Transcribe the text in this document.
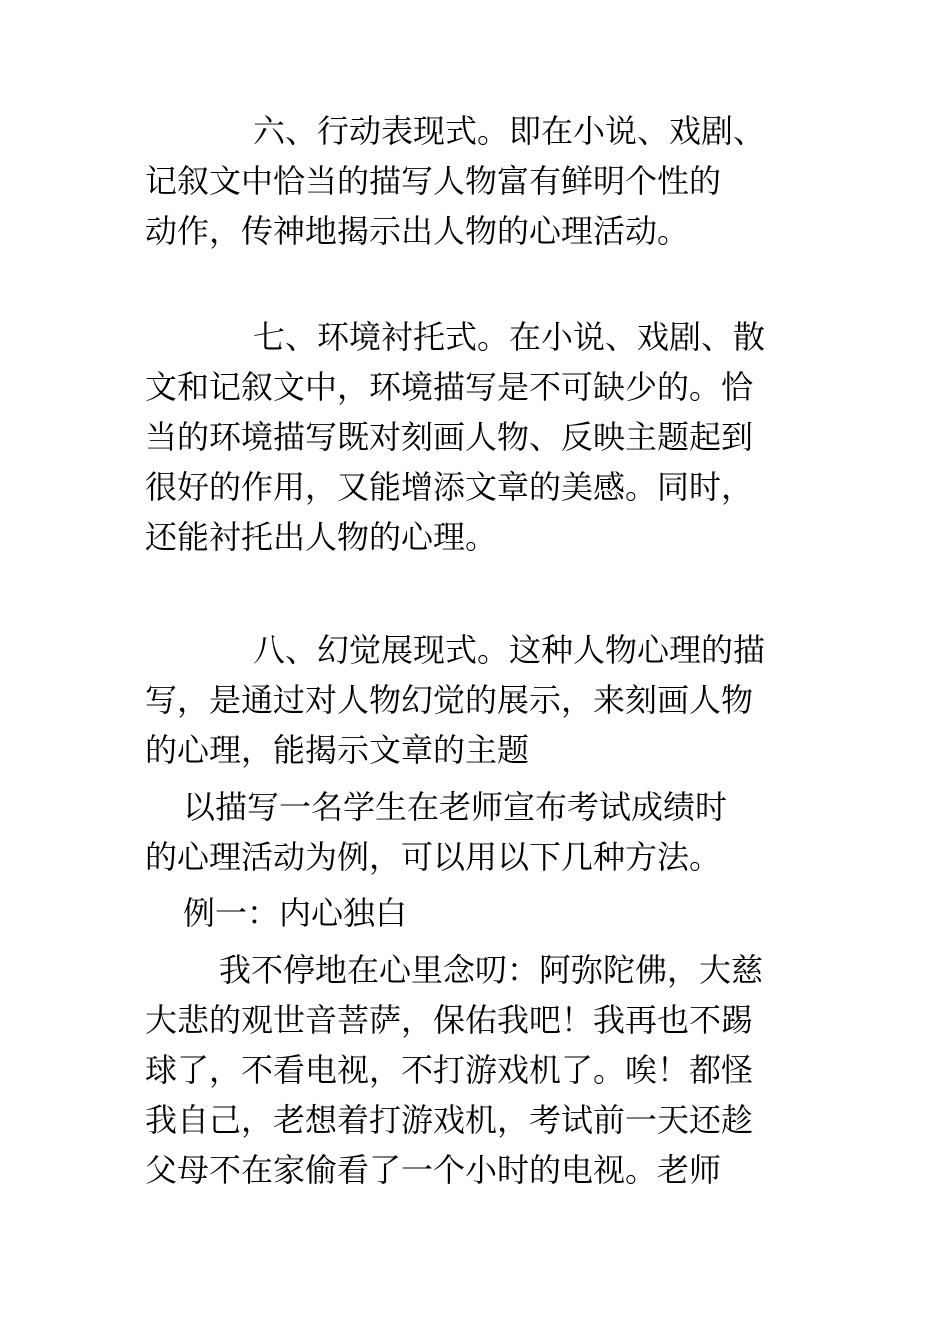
六、行动表现式。即在小说、戏剧、
记叙文中恰当的描写人物富有鲜明个性的
动作，传神地揭示出人物的心理活动。

七、环境衬托式。在小说、戏剧、散
文和记叙文中，环境描写是不可缺少的。恰
当的环境描写既对刻画人物、反映主题起到
很好的作用，又能增添文章的美感。同时，
还能衬托出人物的心理。

八、幻觉展现式。这种人物心理的描
写，是通过对人物幻觉的展示，来刻画人物
的心理，能揭示文章的主题

以描写一名学生在老师宣布考试成绩时
的心理活动为例，可以用以下几种方法。

例一：内心独白

我不停地在心里念叨：阿弥陀佛，大慈
大悲的观世音菩萨，保佑我吧！我再也不踢
球了，不看电视，不打游戏机了。唉！都怪
我自己，老想着打游戏机，考试前一天还趁
父母不在家偷看了一个小时的电视。老师
